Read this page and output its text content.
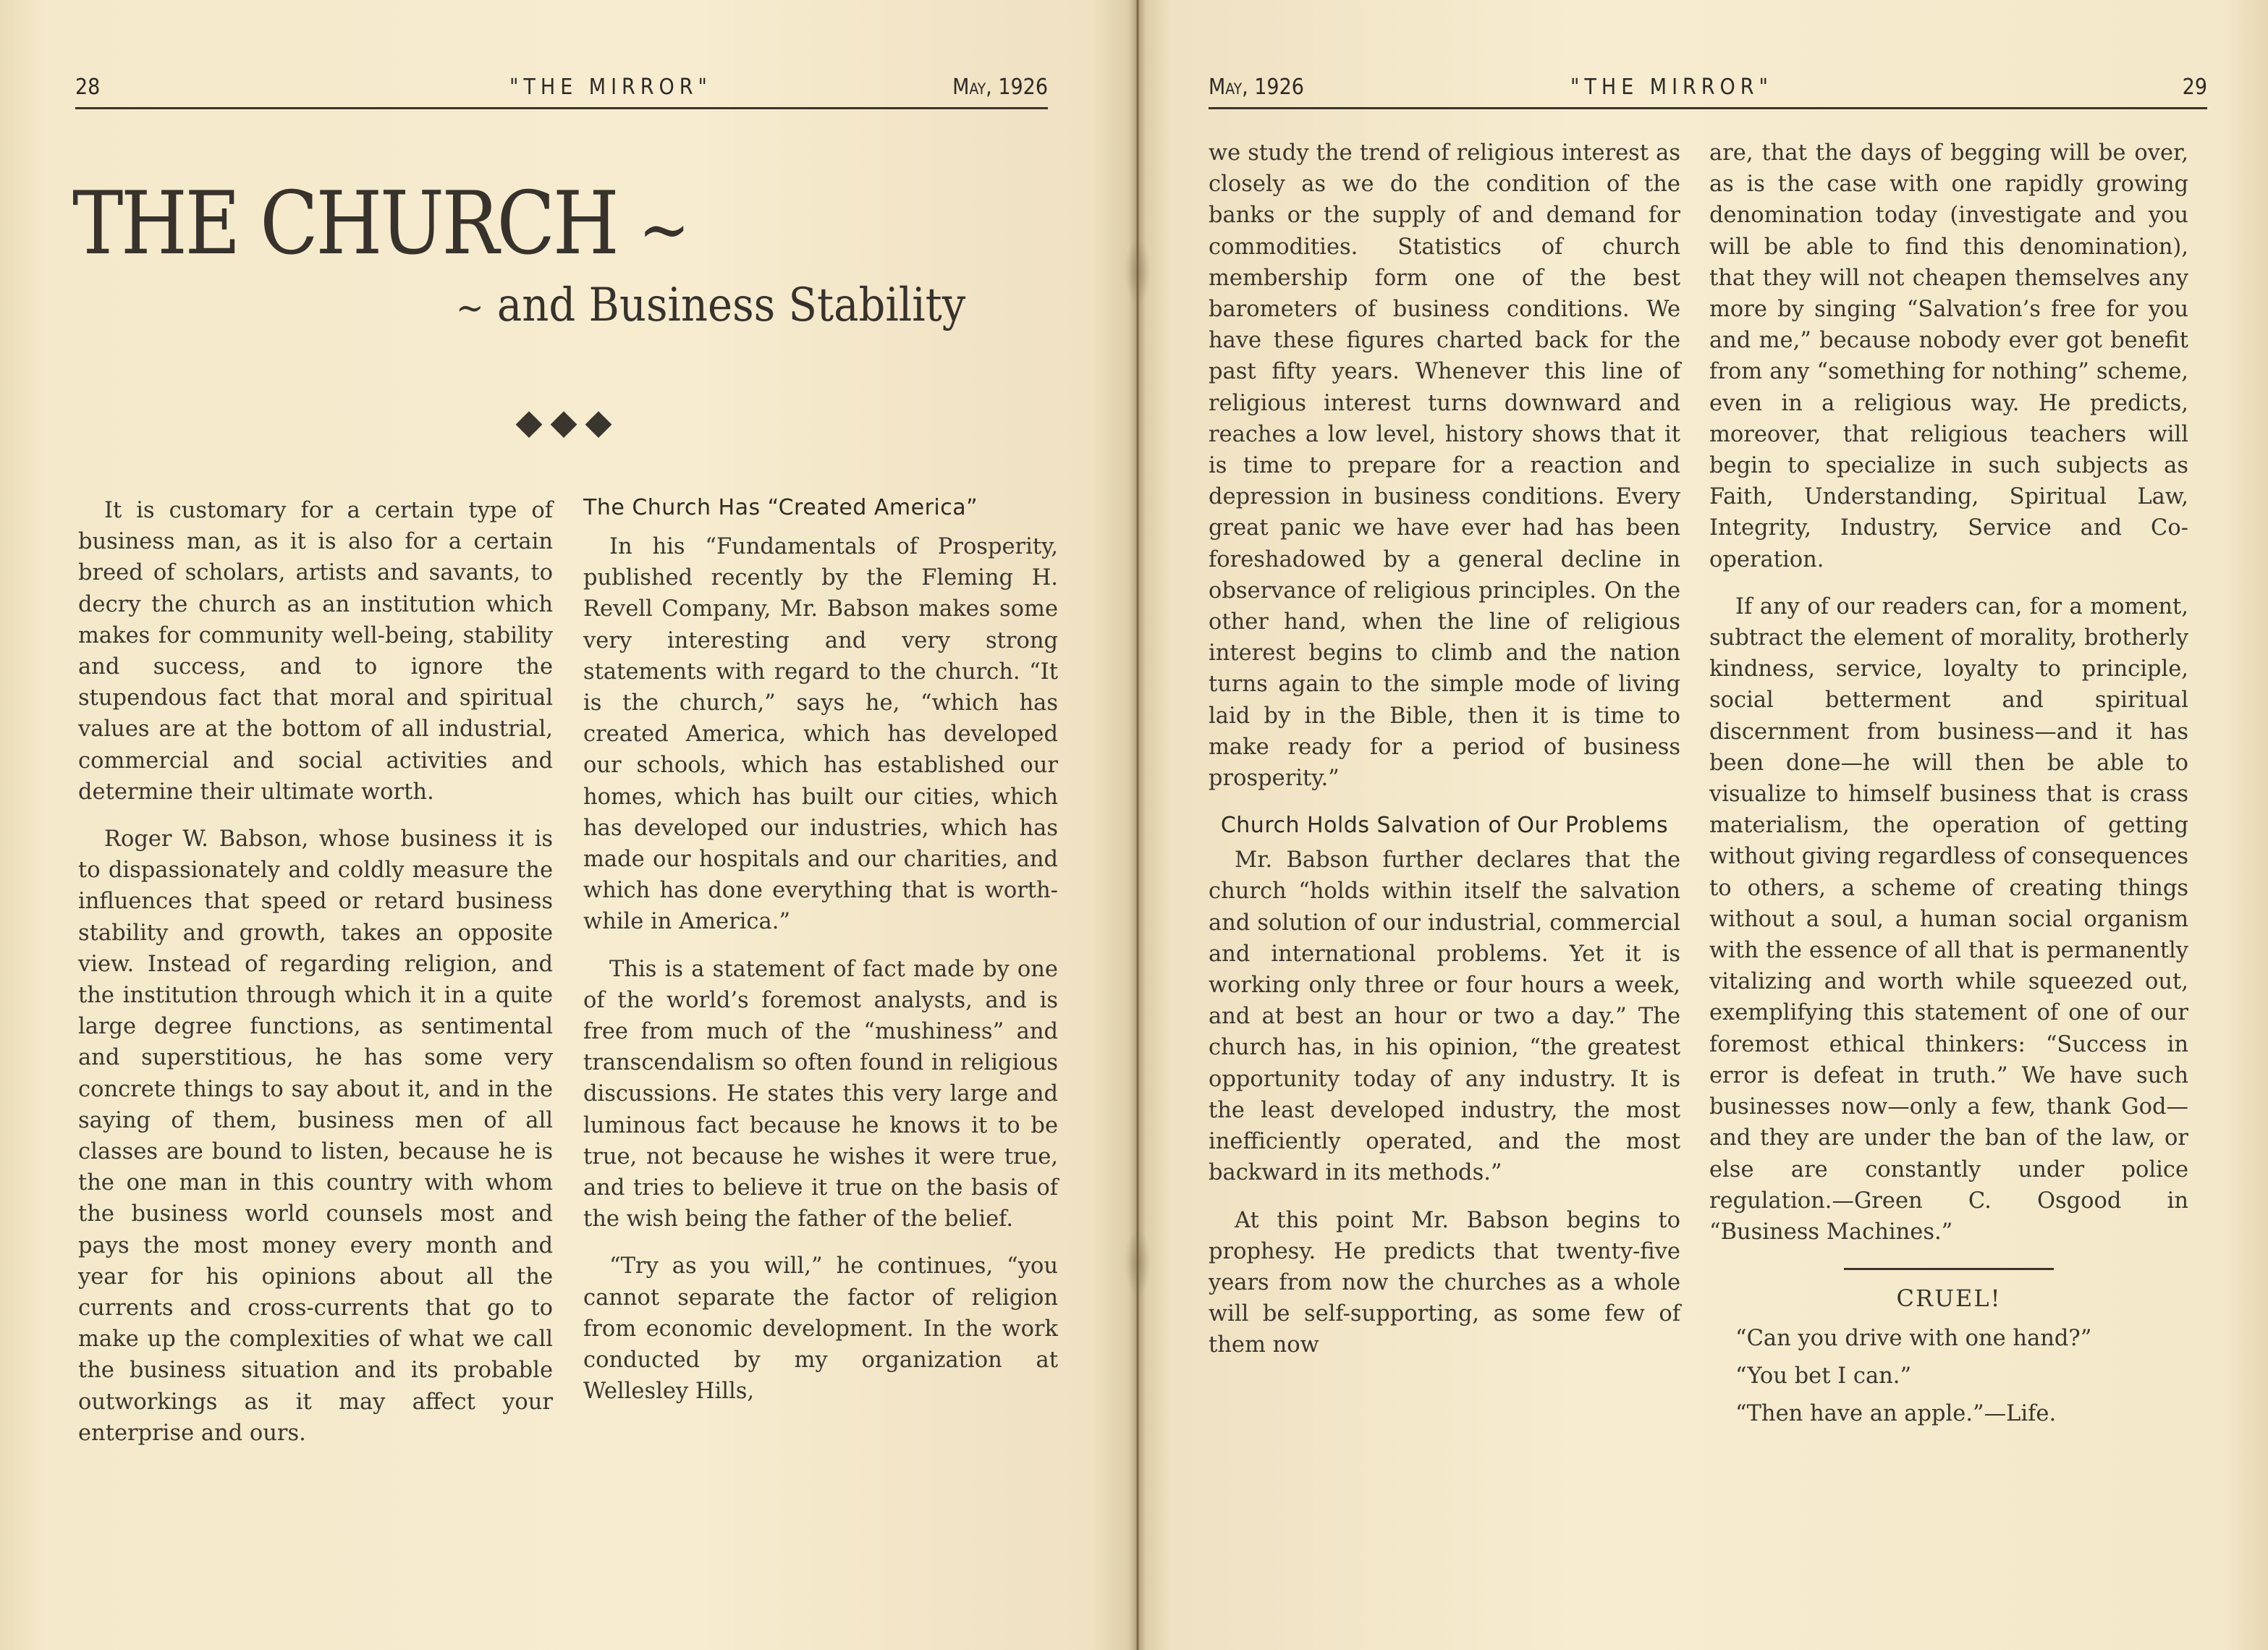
28	"THE MIRROR"	May, 1926
THE CHURCH ~
~ and Business Stability

It is customary for a certain type of business man, as it is also for a certain breed of scholars, artists and savants, to decry the church as an institution which makes for community well-being, stability and success, and to ignore the stupendous fact that moral and spiritual values are at the bottom of all industrial, commercial and social activities and determine their ultimate worth.

Roger W. Babson, whose business it is to dispassionately and coldly measure the influences that speed or retard business stability and growth, takes an opposite view. Instead of regarding religion, and the institution through which it in a quite large degree functions, as sentimental and superstitious, he has some very concrete things to say about it, and in the saying of them, business men of all classes are bound to listen, because he is the one man in this country with whom the business world counsels most and pays the most money every month and year for his opinions about all the currents and cross-currents that go to make up the complexities of what we call the business situation and its probable outworkings as it may affect your enterprise and ours.

The Church Has “Created America”

In his “Fundamentals of Prosperity, published recently by the Fleming H. Revell Company, Mr. Babson makes some very interesting and very strong statements with regard to the church. “It is the church,” says he, “which has created America, which has developed our schools, which has established our homes, which has built our cities, which has developed our industries, which has made our hospitals and our charities, and which has done everything that is worth-while in America.”

This is a statement of fact made by one of the world’s foremost analysts, and is free from much of the “mushiness” and transcendalism so often found in religious discussions. He states this very large and luminous fact because he knows it to be true, not because he wishes it were true, and tries to believe it true on the basis of the wish being the father of the belief.

“Try as you will,” he continues, “you cannot separate the factor of religion from economic development. In the work conducted by my organization at Wellesley Hills,

May, 1926	"THE MIRROR"	29

we study the trend of religious interest as closely as we do the condition of the banks or the supply of and demand for commodities. Statistics of church membership form one of the best barometers of business conditions. We have these figures charted back for the past fifty years. Whenever this line of religious interest turns downward and reaches a low level, history shows that it is time to prepare for a reaction and depression in business conditions. Every great panic we have ever had has been foreshadowed by a general decline in observance of religious principles. On the other hand, when the line of religious interest begins to climb and the nation turns again to the simple mode of living laid by in the Bible, then it is time to make ready for a period of business prosperity.”

Church Holds Salvation of Our Problems

Mr. Babson further declares that the church “holds within itself the salvation and solution of our industrial, commercial and international problems. Yet it is working only three or four hours a week, and at best an hour or two a day.” The church has, in his opinion, “the greatest opportunity today of any industry. It is the least developed industry, the most inefficiently operated, and the most backward in its methods.”

At this point Mr. Babson begins to prophesy. He predicts that twenty-five years from now the churches as a whole will be self-supporting, as some few of them now

are, that the days of begging will be over, as is the case with one rapidly growing denomination today (investigate and you will be able to find this denomination), that they will not cheapen themselves any more by singing “Salvation’s free for you and me,” because nobody ever got benefit from any “something for nothing” scheme, even in a religious way. He predicts, moreover, that religious teachers will begin to specialize in such subjects as Faith, Understanding, Spiritual Law, Integrity, Industry, Service and Co-operation.

If any of our readers can, for a moment, subtract the element of morality, brotherly kindness, service, loyalty to principle, social betterment and spiritual discernment from business—and it has been done—he will then be able to visualize to himself business that is crass materialism, the operation of getting without giving regardless of consequences to others, a scheme of creating things without a soul, a human social organism with the essence of all that is permanently vitalizing and worth while squeezed out, exemplifying this statement of one of our foremost ethical thinkers: “Success in error is defeat in truth.” We have such businesses now—only a few, thank God—and they are under the ban of the law, or else are constantly under police regulation.—Green C. Osgood in “Business Machines.”

CRUEL!

“Can you drive with one hand?”

“You bet I can.”

“Then have an apple.”—Life.
